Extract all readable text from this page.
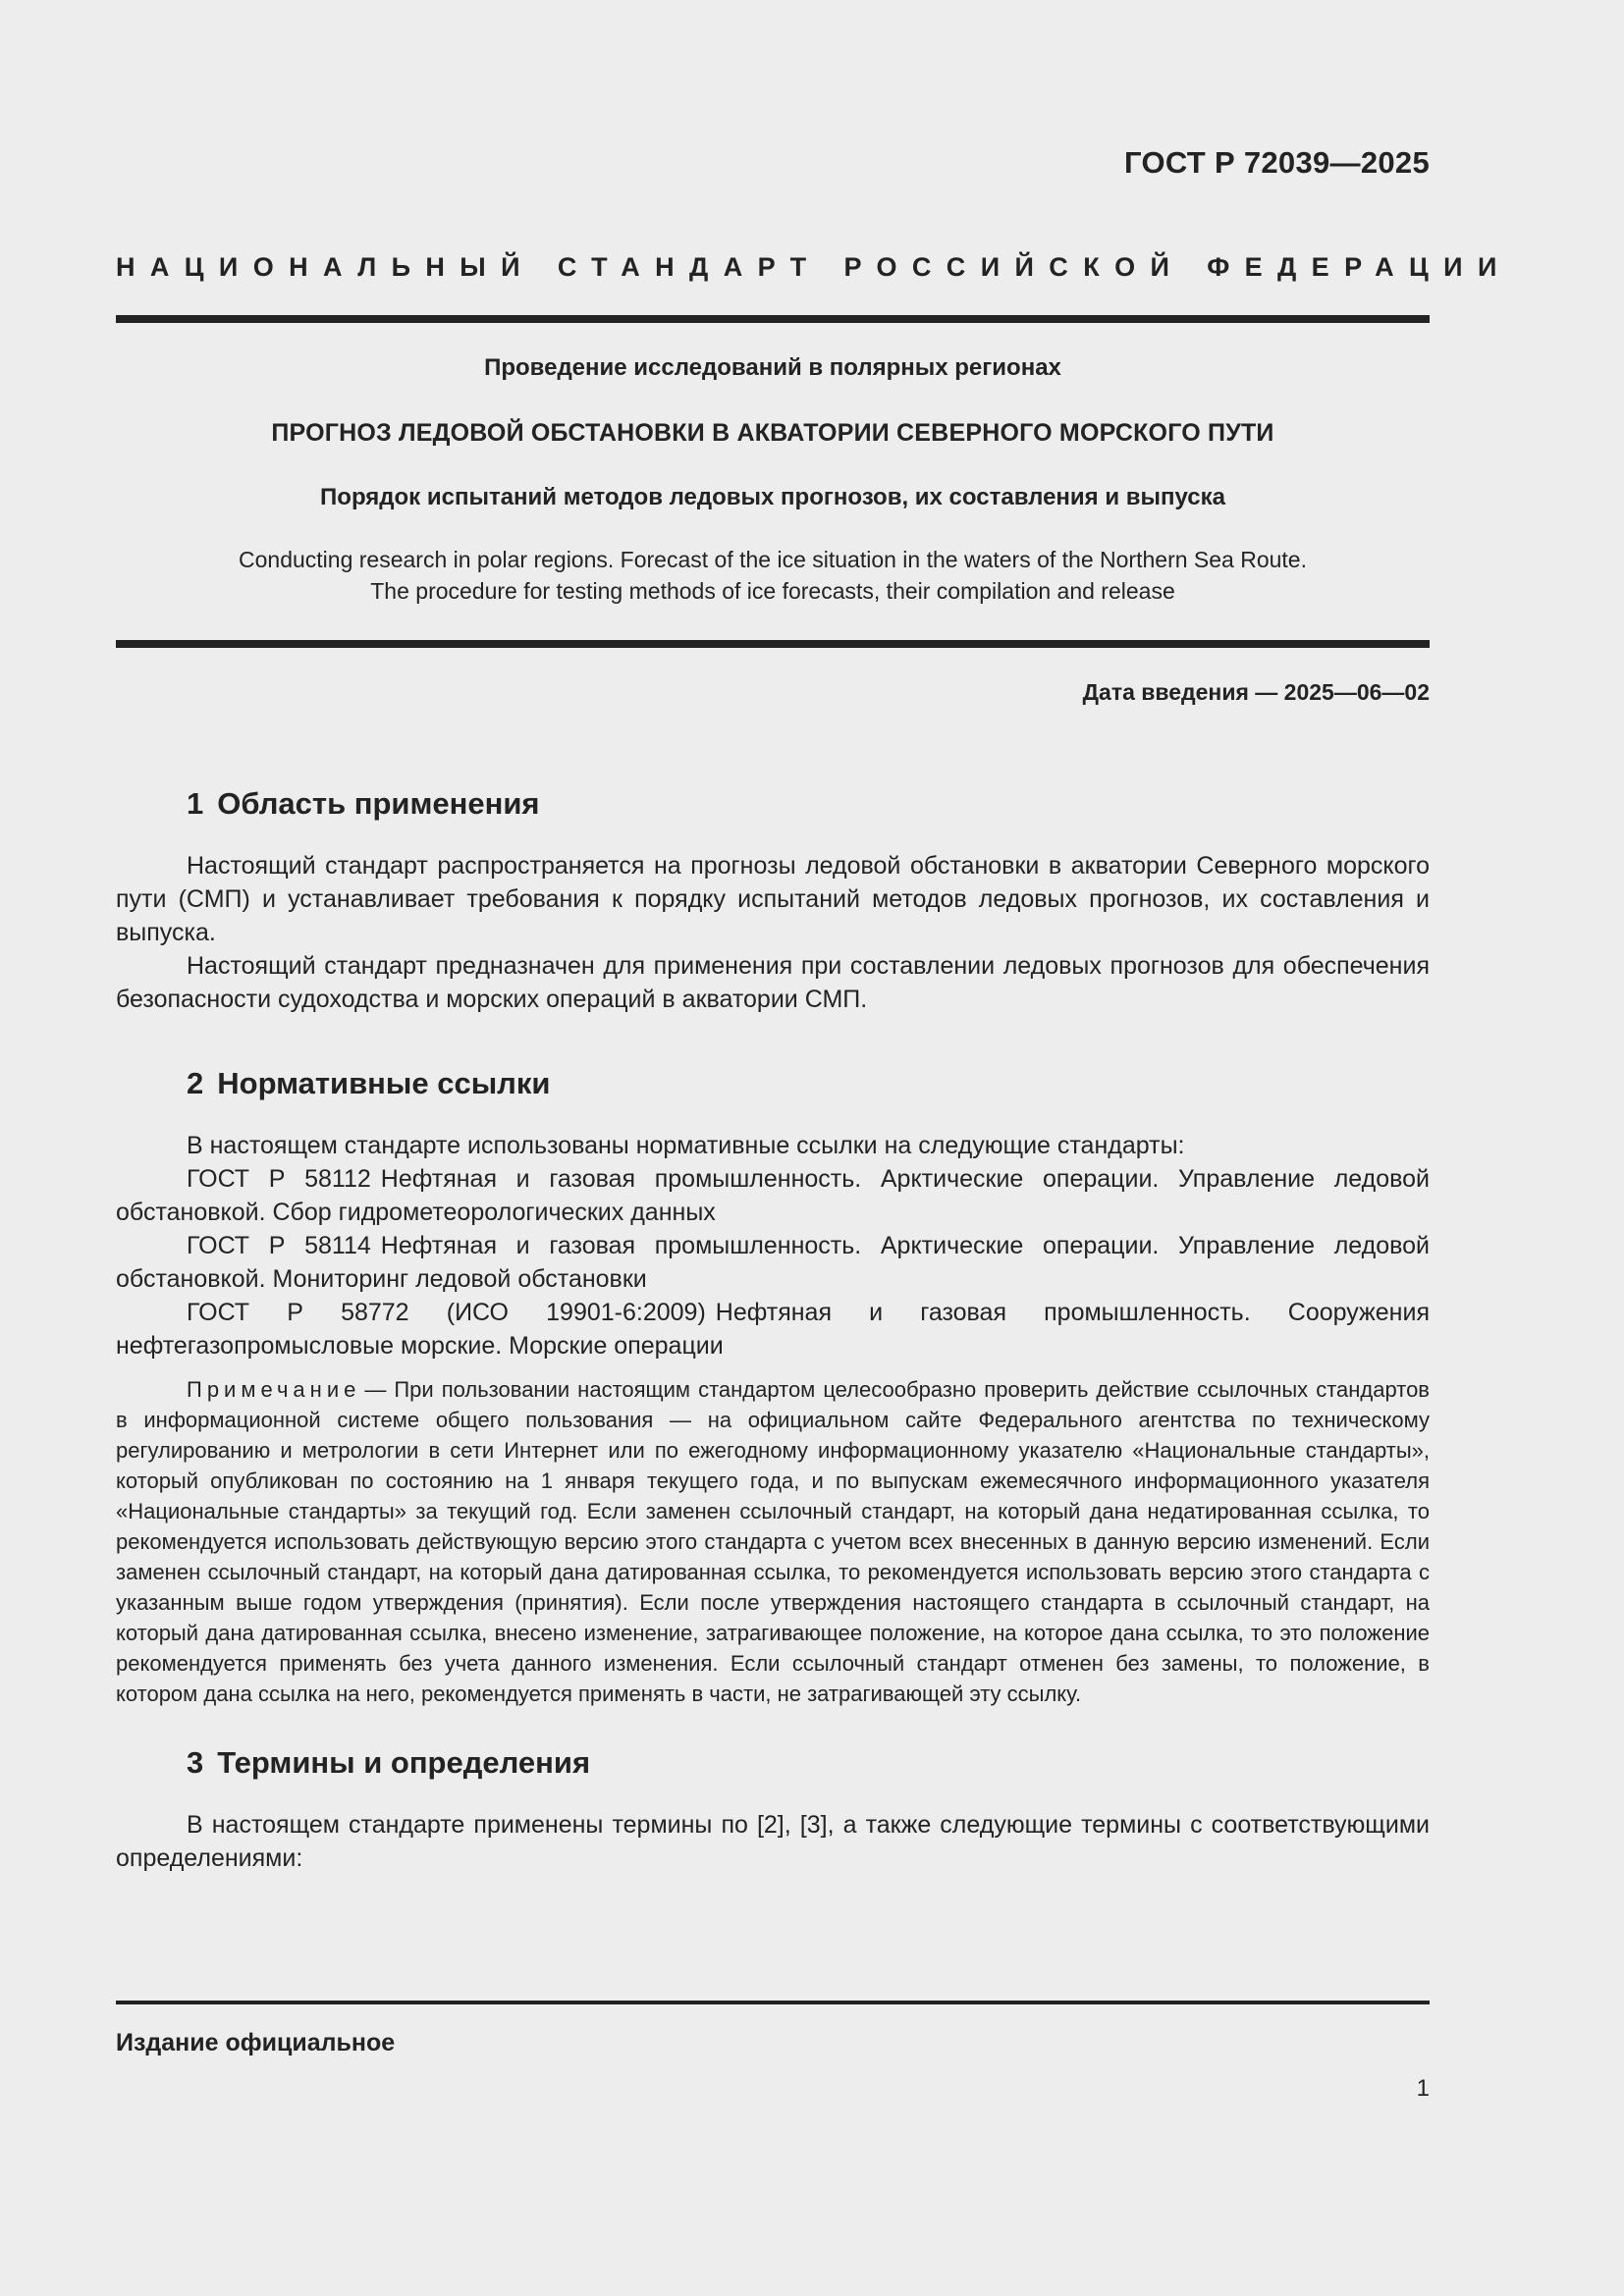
ГОСТ Р 72039—2025
НАЦИОНАЛЬНЫЙ СТАНДАРТ РОССИЙСКОЙ ФЕДЕРАЦИИ
Проведение исследований в полярных регионах
ПРОГНОЗ ЛЕДОВОЙ ОБСТАНОВКИ В АКВАТОРИИ СЕВЕРНОГО МОРСКОГО ПУТИ
Порядок испытаний методов ледовых прогнозов, их составления и выпуска
Conducting research in polar regions. Forecast of the ice situation in the waters of the Northern Sea Route.
The procedure for testing methods of ice forecasts, their compilation and release
Дата введения — 2025—06—02
1 Область применения

Настоящий стандарт распространяется на прогнозы ледовой обстановки в акватории Северного морского пути (СМП) и устанавливает требования к порядку испытаний методов ледовых прогнозов, их составления и выпуска.

Настоящий стандарт предназначен для применения при составлении ледовых прогнозов для обеспечения безопасности судоходства и морских операций в акватории СМП.

2 Нормативные ссылки

В настоящем стандарте использованы нормативные ссылки на следующие стандарты:

ГОСТ Р 58112 Нефтяная и газовая промышленность. Арктические операции. Управление ледовой обстановкой. Сбор гидрометеорологических данных

ГОСТ Р 58114 Нефтяная и газовая промышленность. Арктические операции. Управление ледовой обстановкой. Мониторинг ледовой обстановки

ГОСТ Р 58772 (ИСО 19901-6:2009) Нефтяная и газовая промышленность. Сооружения нефтегазопромысловые морские. Морские операции

Примечание — При пользовании настоящим стандартом целесообразно проверить действие ссылочных стандартов в информационной системе общего пользования — на официальном сайте Федерального агентства по техническому регулированию и метрологии в сети Интернет или по ежегодному информационному указателю «Национальные стандарты», который опубликован по состоянию на 1 января текущего года, и по выпускам ежемесячного информационного указателя «Национальные стандарты» за текущий год. Если заменен ссылочный стандарт, на который дана недатированная ссылка, то рекомендуется использовать действующую версию этого стандарта с учетом всех внесенных в данную версию изменений. Если заменен ссылочный стандарт, на который дана датированная ссылка, то рекомендуется использовать версию этого стандарта с указанным выше годом утверждения (принятия). Если после утверждения настоящего стандарта в ссылочный стандарт, на который дана датированная ссылка, внесено изменение, затрагивающее положение, на которое дана ссылка, то это положение рекомендуется применять без учета данного изменения. Если ссылочный стандарт отменен без замены, то положение, в котором дана ссылка на него, рекомендуется применять в части, не затрагивающей эту ссылку.

3 Термины и определения

В настоящем стандарте применены термины по [2], [3], а также следующие термины с соответствующими определениями:

Издание официальное
1
